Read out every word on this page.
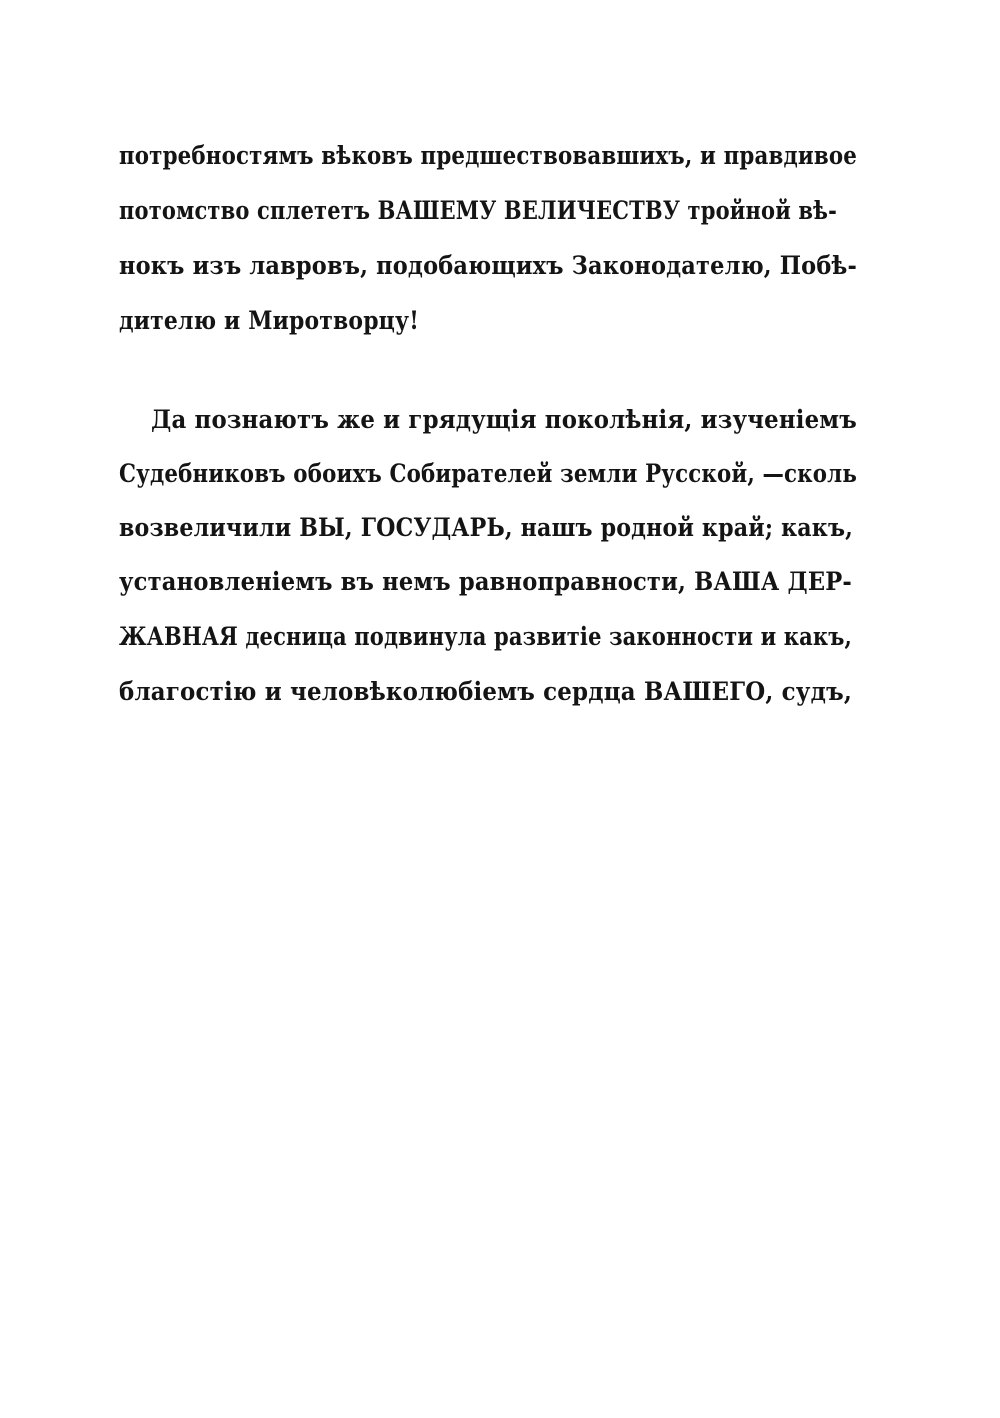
потребностямъ вѣковъ предшествовавшихъ, и правдивое
потомство сплететъ ВАШЕМУ ВЕЛИЧЕСТВУ тройной вѣ-
нокъ изъ лавровъ, подобающихъ Законодателю, Побѣ-
дителю и Миротворцу!
Да познаютъ же и грядущія поколѣнія, изученіемъ
Судебниковъ обоихъ Собирателей земли Русской, —сколь
возвеличили ВЫ, ГОСУДАРЬ, нашъ родной край; какъ,
установленіемъ въ немъ равноправности, ВАША ДЕР-
ЖАВНАЯ десница подвинула развитіе законности и какъ,
благостію и человѣколюбіемъ сердца ВАШЕГО, судъ,
